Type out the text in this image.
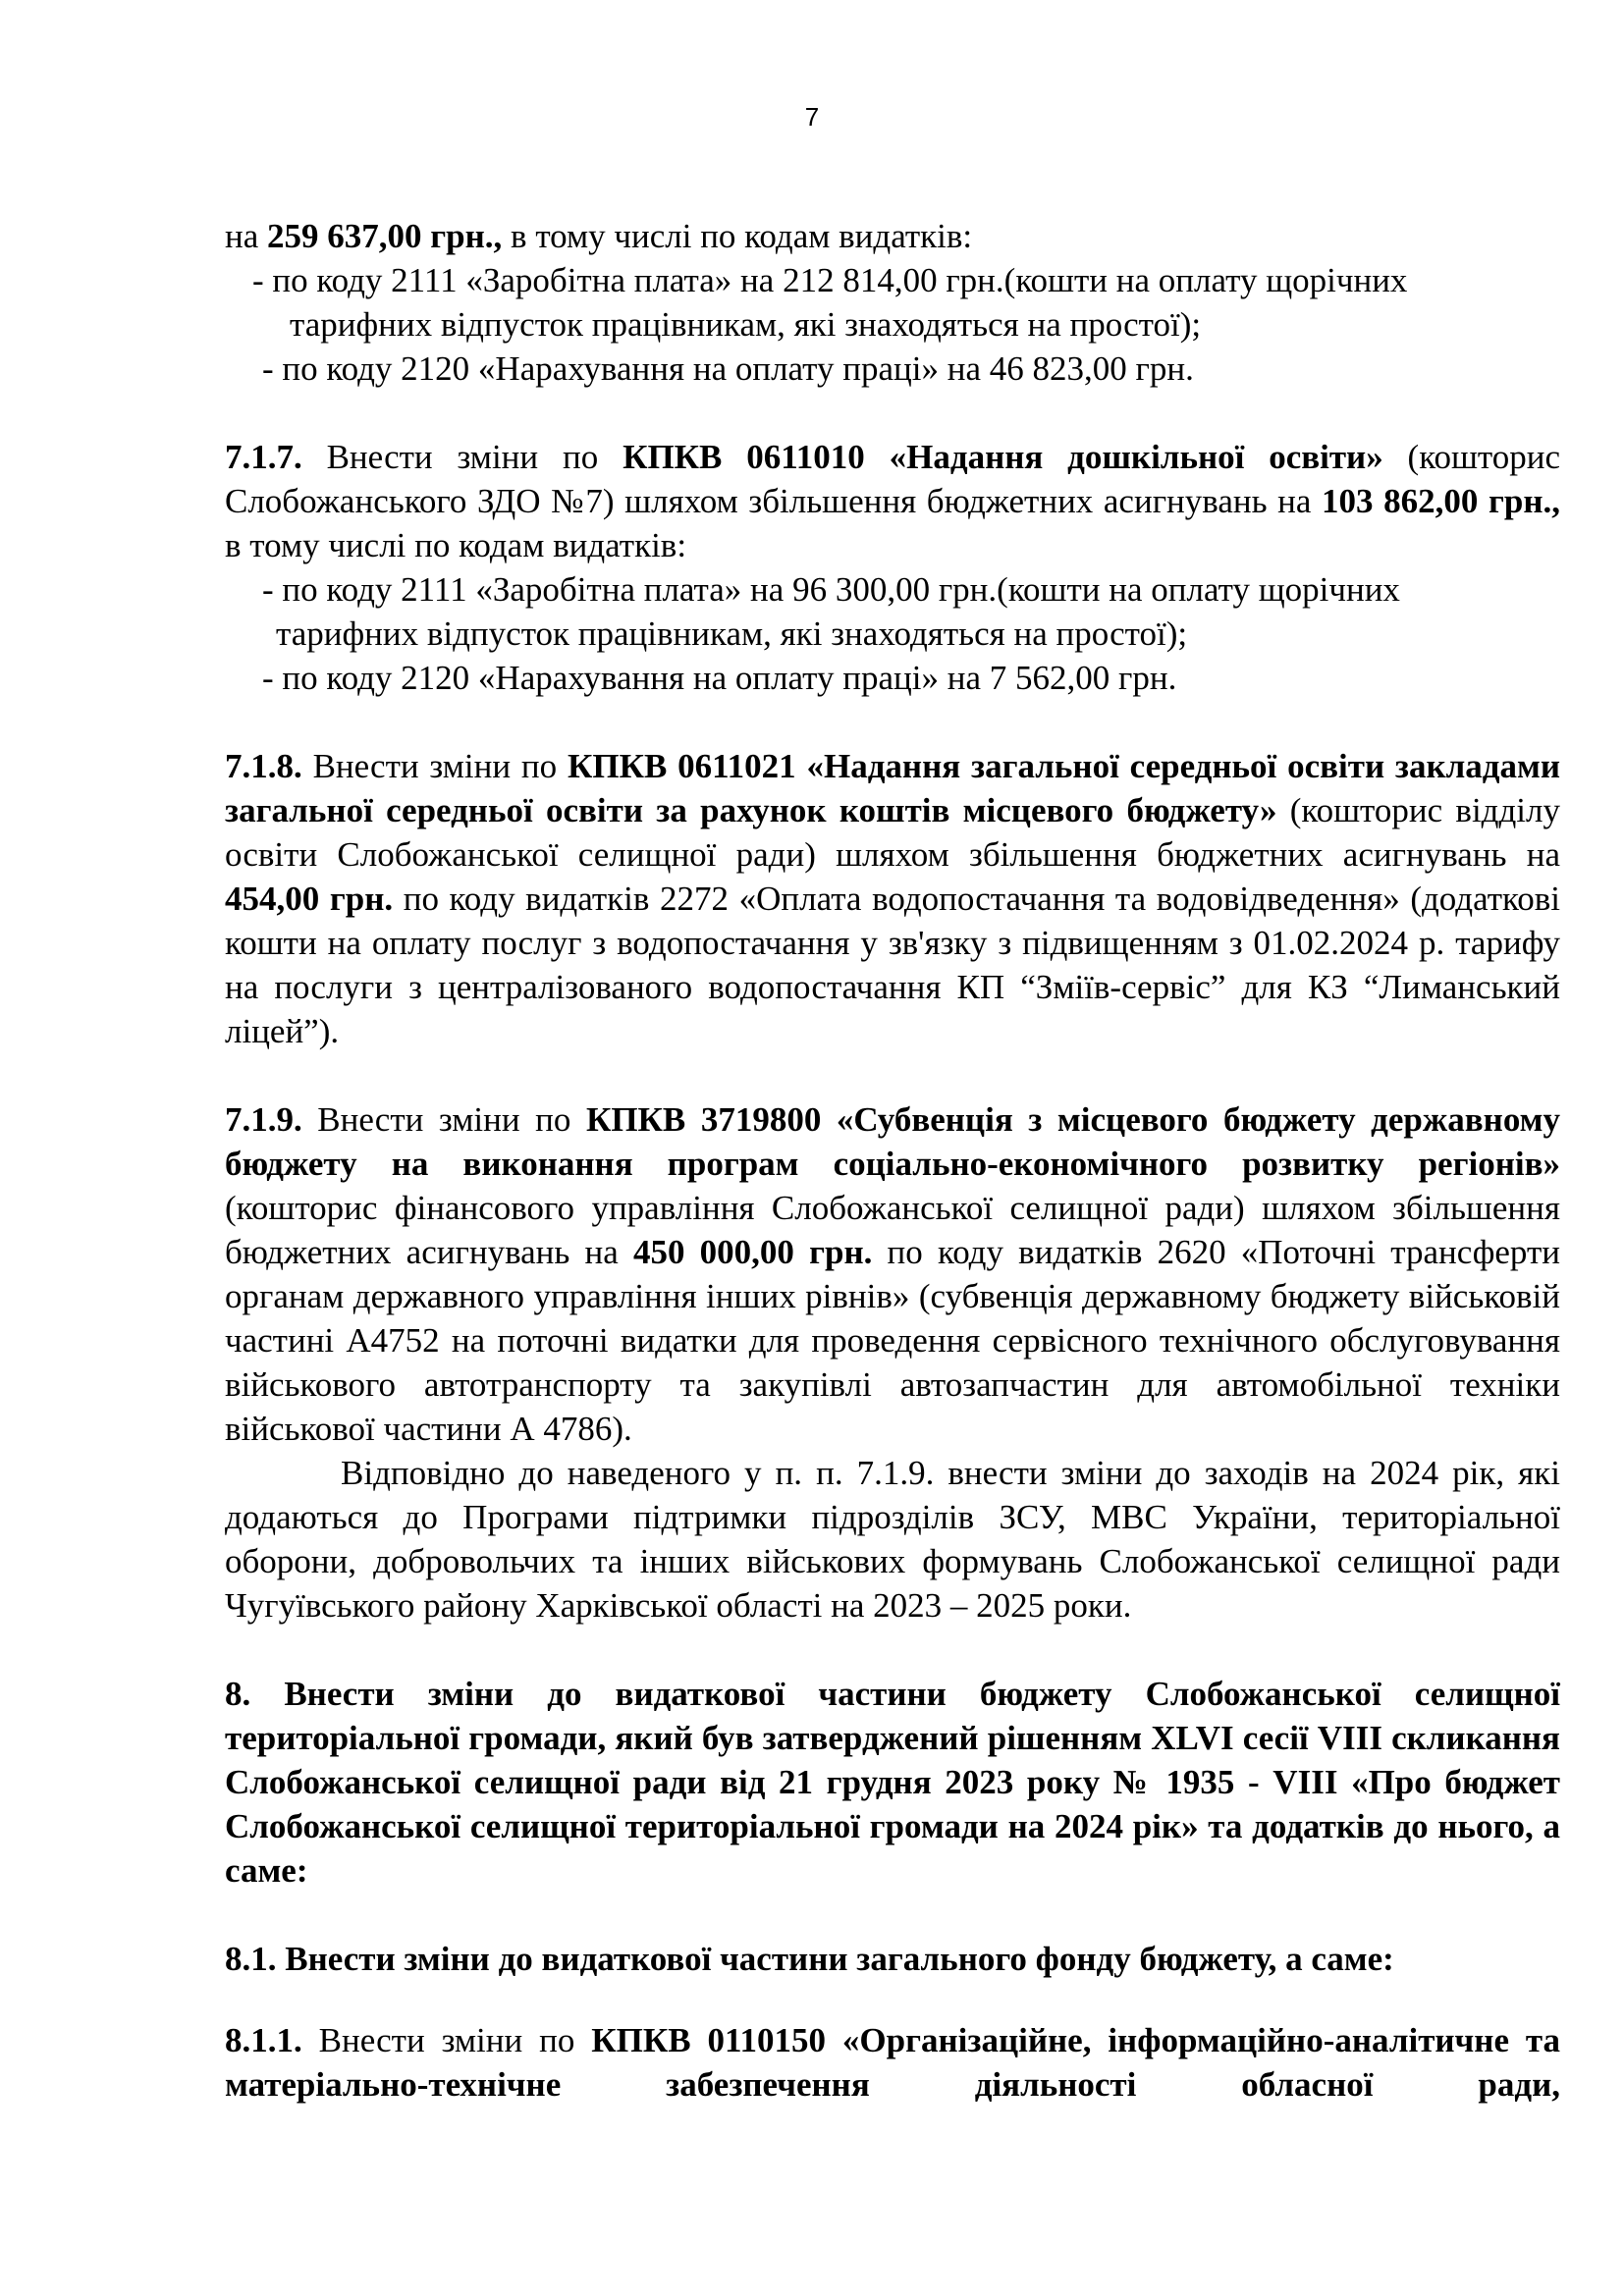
7

на 259 637,00 грн., в тому числі по кодам видатків:

- по коду 2111 «Заробітна плата» на 212 814,00 грн.(кошти на оплату щорічних

тарифних відпусток працівникам, які знаходяться на простої);

- по коду 2120 «Нарахування на оплату праці» на 46 823,00 грн.

7.1.7. Внести зміни по КПКВ 0611010 «Надання дошкільної освіти» (кошторис Слобожанського ЗДО №7) шляхом збільшення бюджетних асигнувань на 103 862,00 грн., в тому числі по кодам видатків:

- по коду 2111 «Заробітна плата» на 96 300,00 грн.(кошти на оплату щорічних

тарифних відпусток працівникам, які знаходяться на простої);

- по коду 2120 «Нарахування на оплату праці» на 7 562,00 грн.

7.1.8. Внести зміни по КПКВ 0611021 «Надання загальної середньої освіти закладами загальної середньої освіти за рахунок коштів місцевого бюджету» (кошторис відділу освіти Слобожанської селищної ради) шляхом збільшення бюджетних асигнувань на 454,00 грн. по коду видатків 2272 «Оплата водопостачання та водовідведення» (додаткові кошти на оплату послуг з водопостачання у зв'язку з підвищенням з 01.02.2024 р. тарифу на послуги з централізованого водопостачання КП “Зміїв-сервіс” для КЗ “Лиманський ліцей”).

7.1.9. Внести зміни по КПКВ 3719800 «Субвенція з місцевого бюджету державному бюджету на виконання програм соціально-економічного розвитку регіонів» (кошторис фінансового управління Слобожанської селищної ради) шляхом збільшення бюджетних асигнувань на 450 000,00 грн. по коду видатків 2620 «Поточні трансферти органам державного управління інших рівнів» (субвенція державному бюджету військовій частині А4752 на поточні видатки для проведення сервісного технічного обслуговування військового автотранспорту та закупівлі автозапчастин для автомобільної техніки військової частини А 4786).

Відповідно до наведеного у п. п. 7.1.9. внести зміни до заходів на 2024 рік, які додаються до Програми підтримки підрозділів ЗСУ, МВС України, територіальної оборони, добровольчих та інших військових формувань Слобожанської селищної ради Чугуївського району Харківської області на 2023 – 2025 роки.

8. Внести зміни до видаткової частини бюджету Слобожанської селищної територіальної громади, який був затверджений рішенням XLVI сесії VIII скликання Слобожанської селищної ради від 21 грудня 2023 року № 1935 - VIII «Про бюджет Слобожанської селищної територіальної громади на 2024 рік» та додатків до нього, а саме:

8.1. Внести зміни до видаткової частини загального фонду бюджету, а саме:

8.1.1. Внести зміни по КПКВ 0110150 «Організаційне, інформаційно-аналітичне та матеріально-технічне забезпечення діяльності обласної ради,
